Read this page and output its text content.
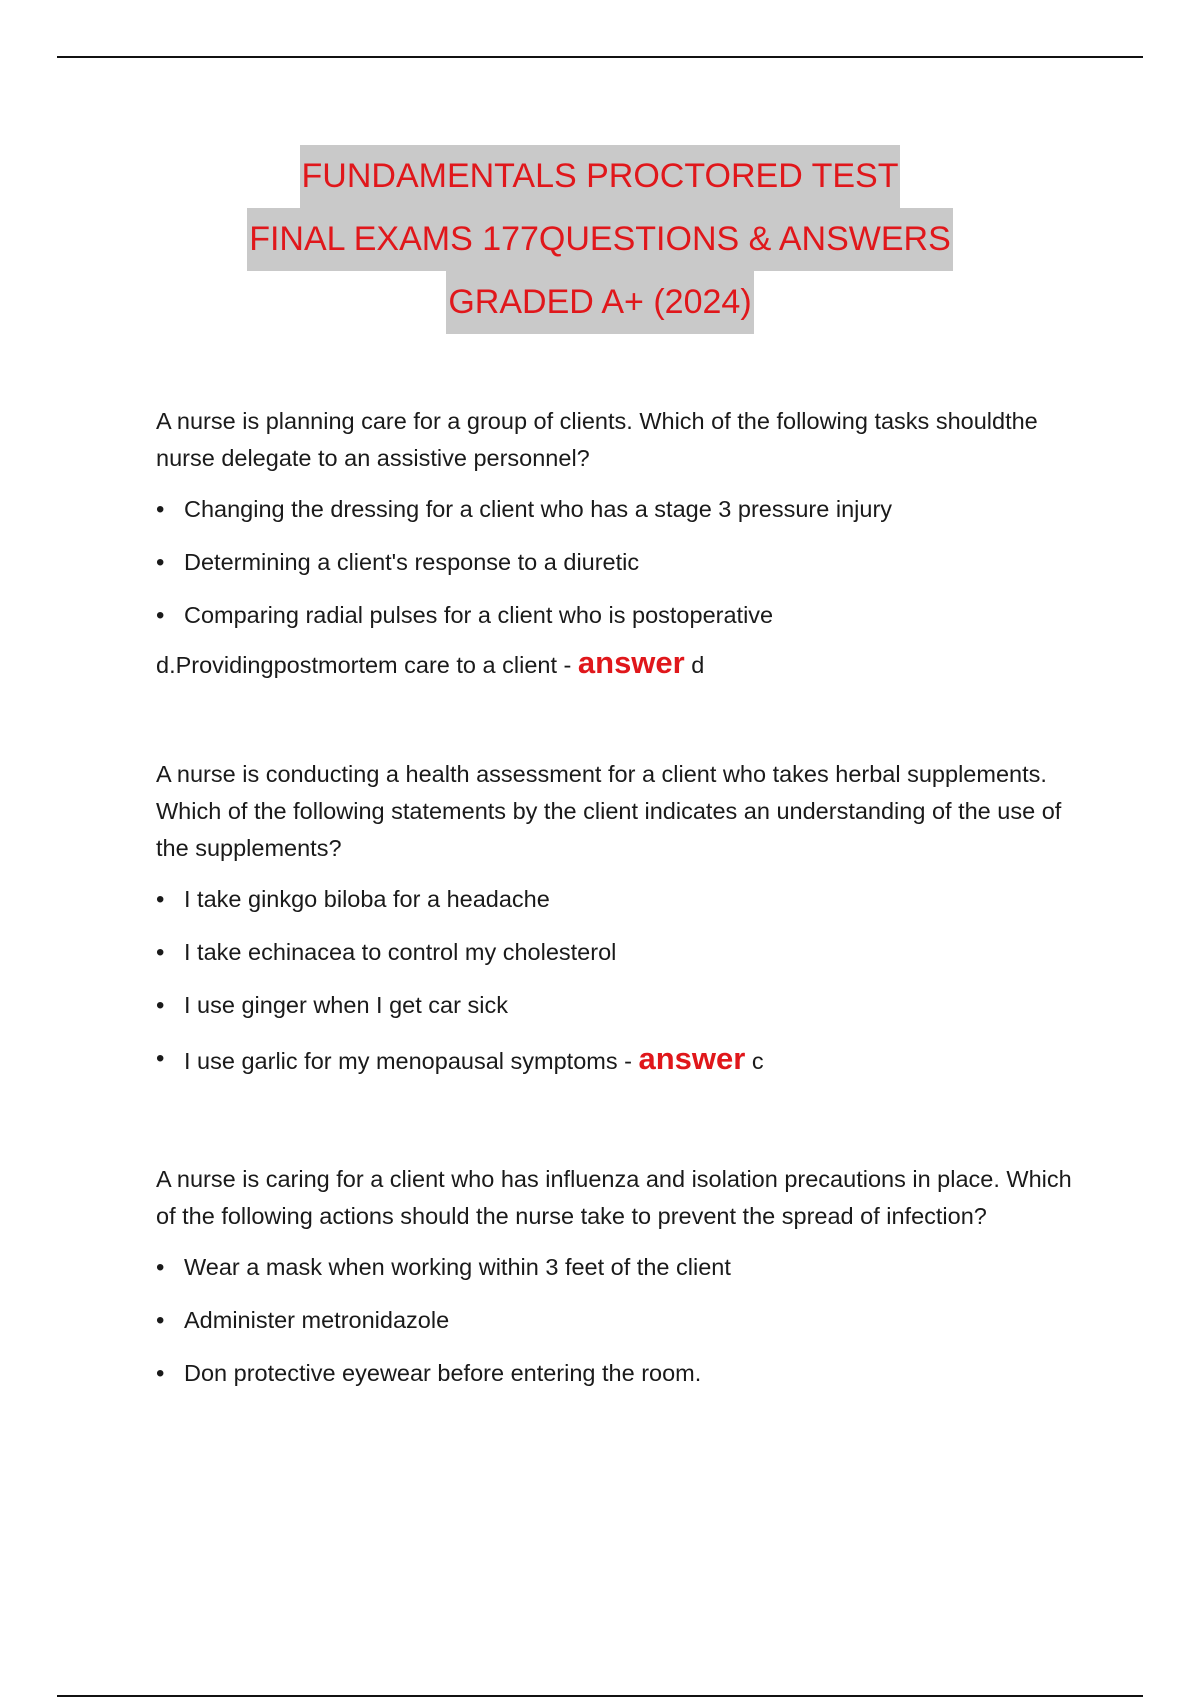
FUNDAMENTALS PROCTORED TEST
FINAL EXAMS 177QUESTIONS & ANSWERS
GRADED A+ (2024)
A nurse is planning care for a group of clients. Which of the following tasks shouldthe nurse delegate to an assistive personnel?
• Changing the dressing for a client who has a stage 3 pressure injury
• Determining a client's response to a diuretic
• Comparing radial pulses for a client who is postoperative
d.Providingpostmortem care to a client - answer d
A nurse is conducting a health assessment for a client who takes herbal supplements. Which of the following statements by the client indicates an understanding of the use of the supplements?
• I take ginkgo biloba for a headache
• I take echinacea to control my cholesterol
• I use ginger when I get car sick
• I use garlic for my menopausal symptoms - answer c
A nurse is caring for a client who has influenza and isolation precautions in place. Which of the following actions should the nurse take to prevent the spread of infection?
• Wear a mask when working within 3 feet of the client
• Administer metronidazole
• Don protective eyewear before entering the room.
